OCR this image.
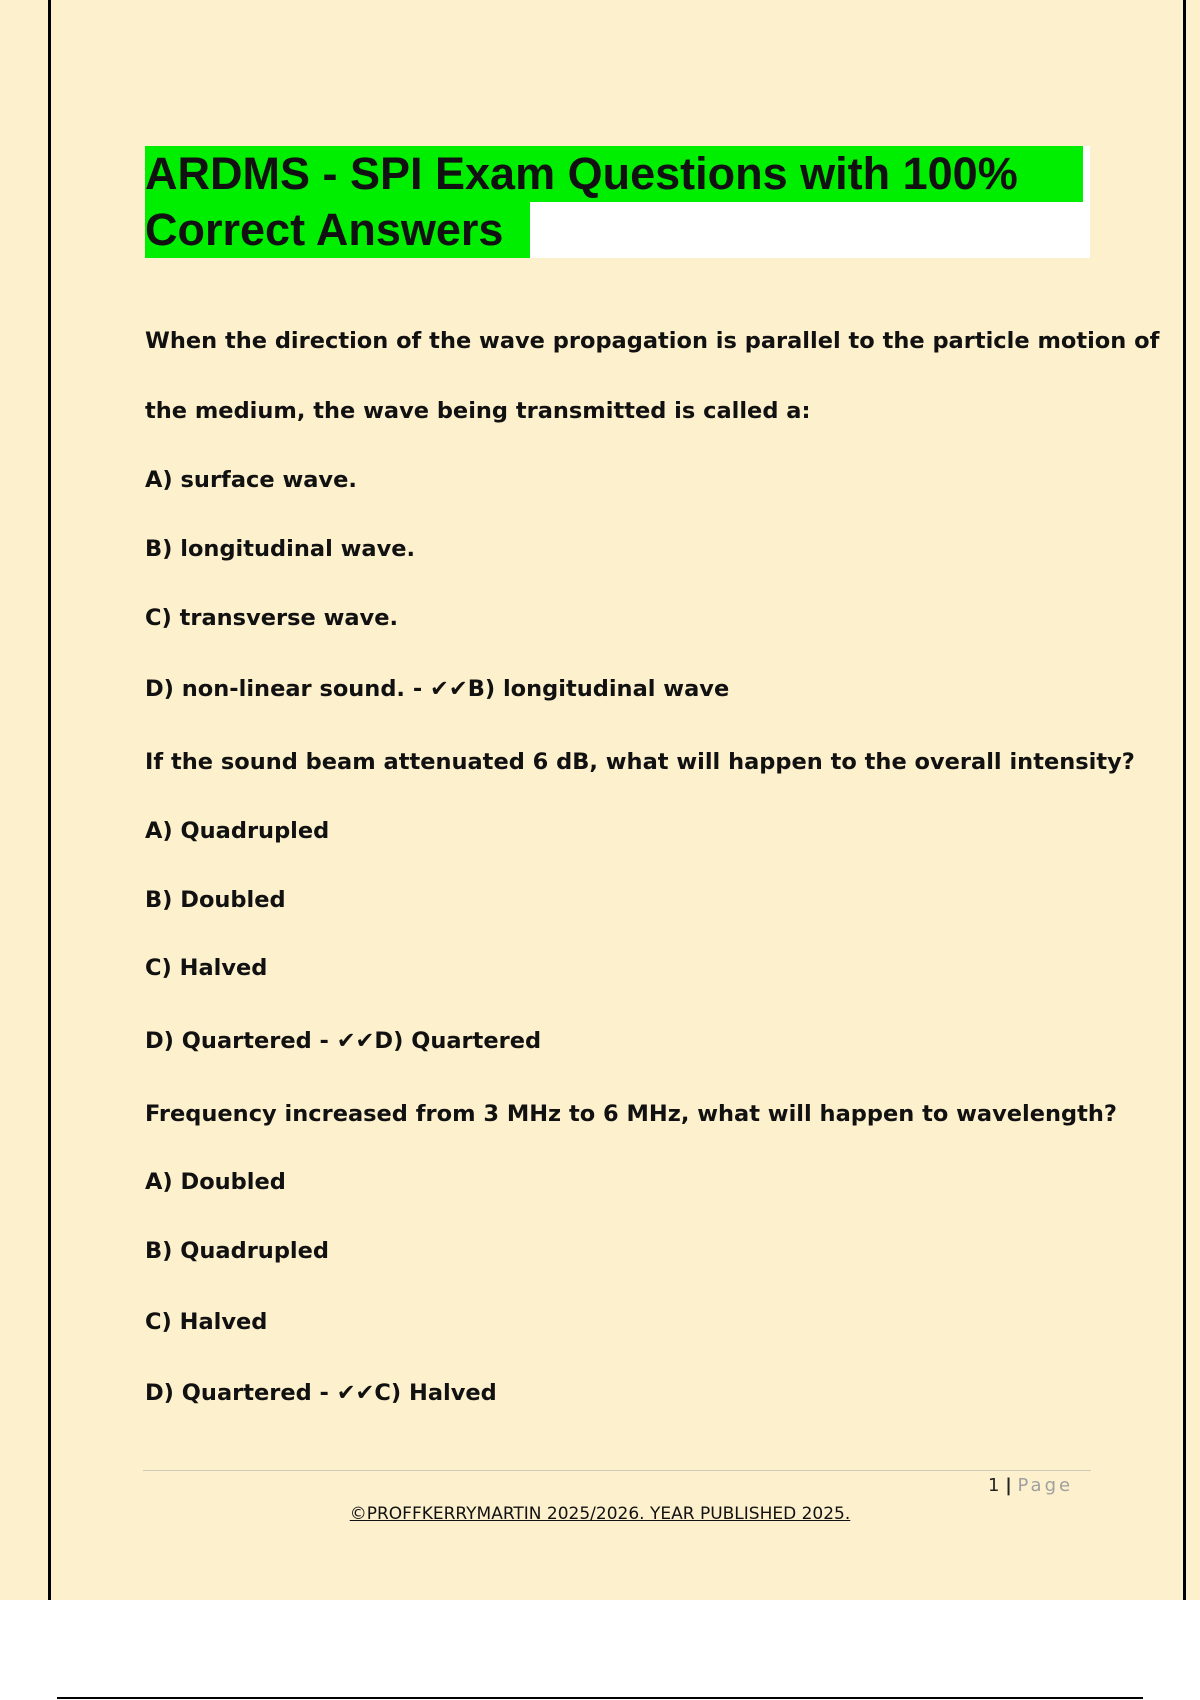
ARDMS - SPI Exam Questions with 100%
Correct Answers
When the direction of the wave propagation is parallel to the particle motion of
the medium, the wave being transmitted is called a:
A) surface wave.
B) longitudinal wave.
C) transverse wave.
D) non-linear sound. - ✔✔B) longitudinal wave
If the sound beam attenuated 6 dB, what will happen to the overall intensity?
A) Quadrupled
B) Doubled
C) Halved
D) Quartered - ✔✔D) Quartered
Frequency increased from 3 MHz to 6 MHz, what will happen to wavelength?
A) Doubled
B) Quadrupled
C) Halved
D) Quartered - ✔✔C) Halved
1 | Page
©PROFFKERRYMARTIN 2025/2026. YEAR PUBLISHED 2025.
